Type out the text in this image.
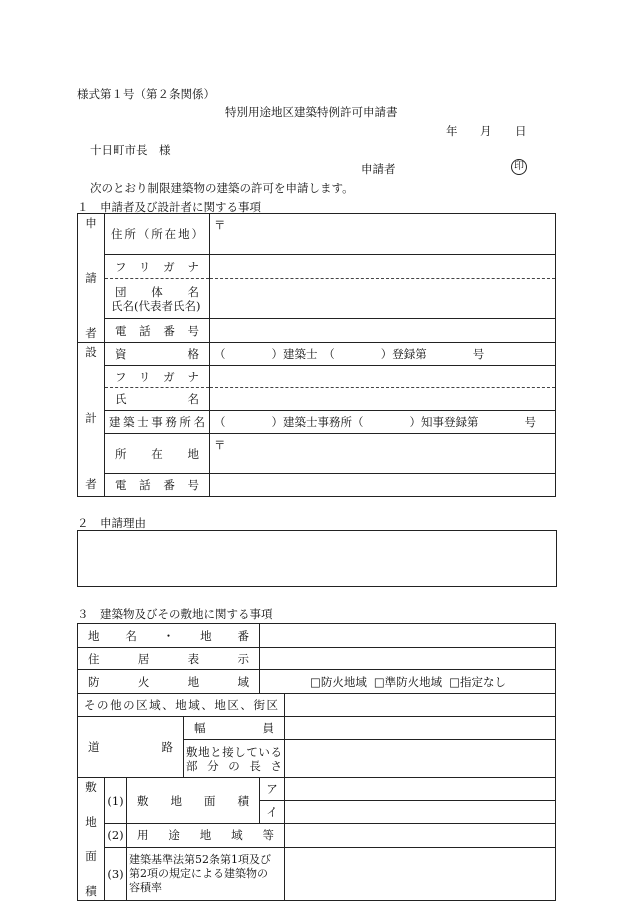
様式第１号（第２条関係）
特別用途地区建築特例許可申請書
年 月 日
十日町市長　様
申請者	印
次のとおり制限建築物の建築の許可を申請します。
１　申請者及び設計者に関する事項
申
請
者	住所（所在地）	〒

	フリガナ	

	団体名
氏名(代表者氏名)	

	電話番号	

設
計
者	資格	（　　　　）建築士　（　　　　）登録第　　　　号

	フリガナ	

	氏名	

	建築士事務所名	（　　　　）建築士事務所（　　　　）知事登録第　　　　号

	所在地	〒

	電話番号	

２　申請理由
３　建築物及びその敷地に関する事項
地名・地番					

住居表示					

防火地域				□防火地域 □準防火地域 □指定なし	

その他の区域、地域、地区、街区					

道路			幅員		

			敷地と接している
部分の長さ		

敷
地
面
積	(1)	敷地面積		ア	
				イ	
	(2)	用途地域等			

	(3)	建築基準法第52条第1項及び
第2項の規定による建築物の
容積率			
